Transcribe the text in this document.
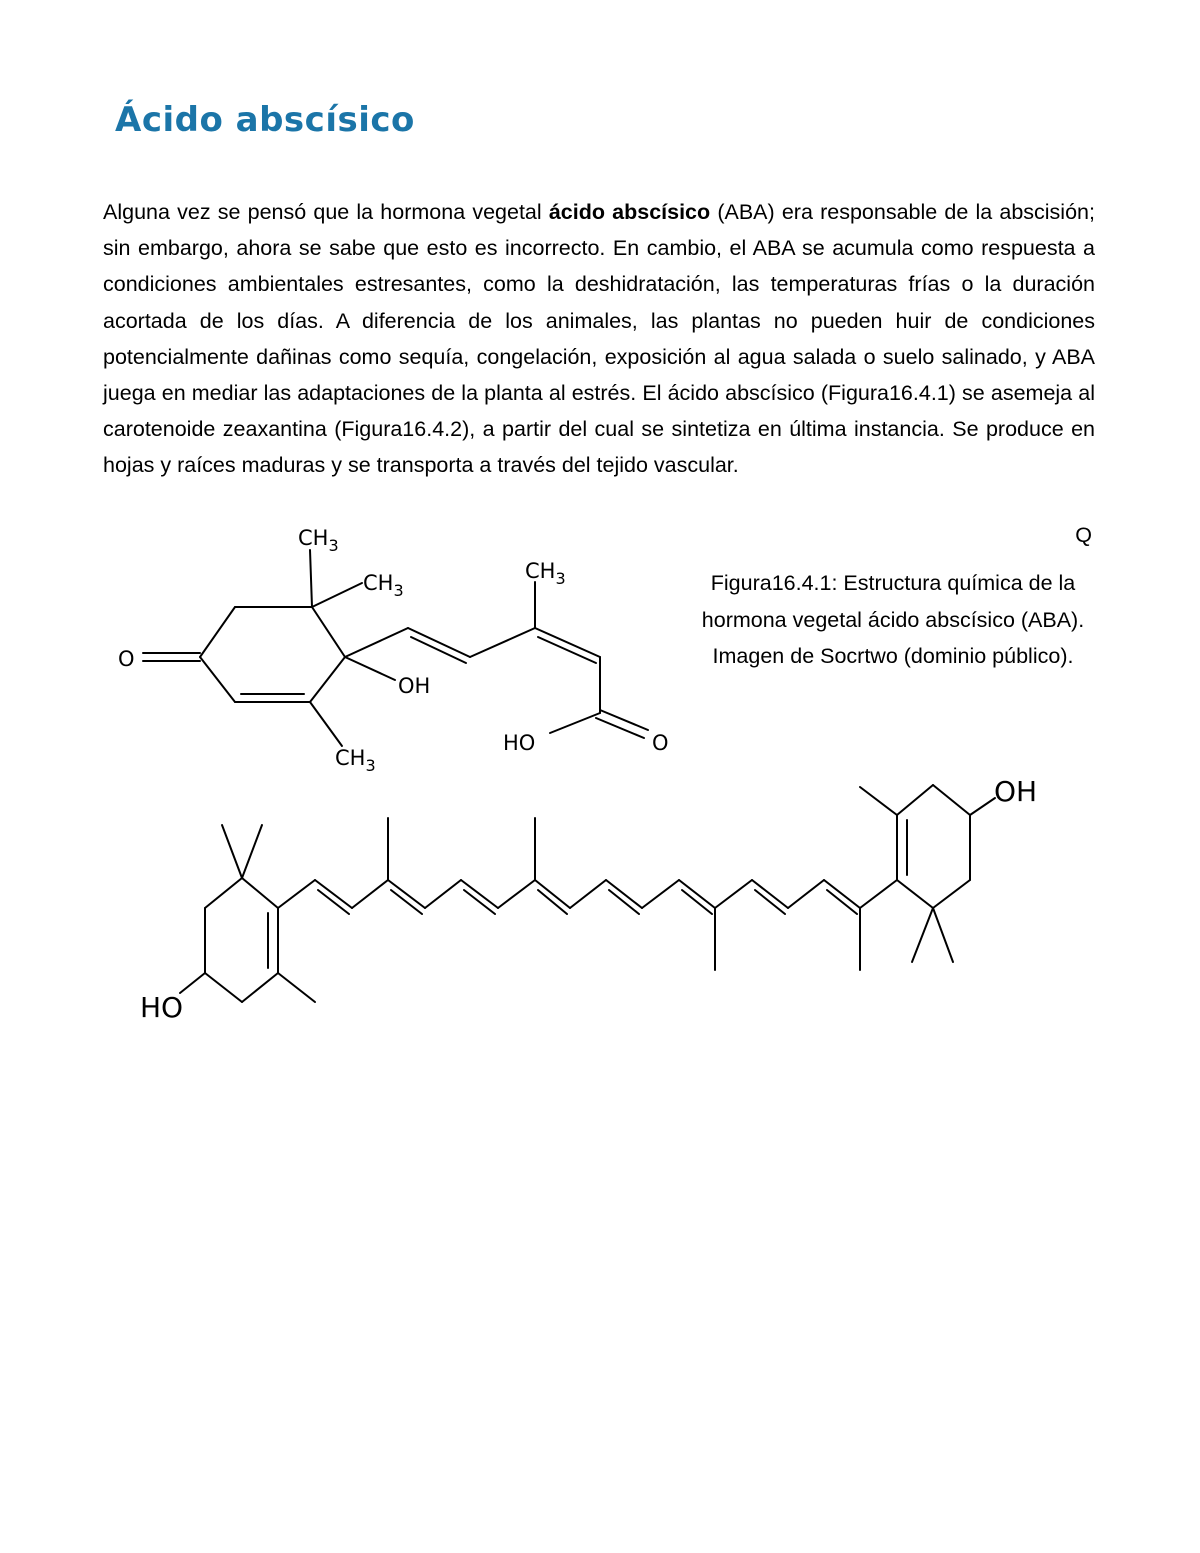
Ácido abscísico

Alguna vez se pensó que la hormona vegetal ácido abscísico (ABA) era responsable de la abscisión; sin embargo, ahora se sabe que esto es incorrecto. En cambio, el ABA se acumula como respuesta a condiciones ambientales estresantes, como la deshidratación, las temperaturas frías o la duración acortada de los días. A diferencia de los animales, las plantas no pueden huir de condiciones potencialmente dañinas como sequía, congelación, exposición al agua salada o suelo salinado, y ABA juega en mediar las adaptaciones de la planta al estrés. El ácido abscísico (Figura16.4.1) se asemeja al carotenoide zeaxantina (Figura16.4.2), a partir del cual se sintetiza en última instancia. Se produce en hojas y raíces maduras y se transporta a través del tejido vascular.

Q

Figura16.4.1: Estructura química de la hormona vegetal ácido abscísico (ABA). Imagen de Socrtwo (dominio público).

O
$CH_3$
$CH_3$
OH
$CH_3$
$CH_3$
HO	O
HO
OH
